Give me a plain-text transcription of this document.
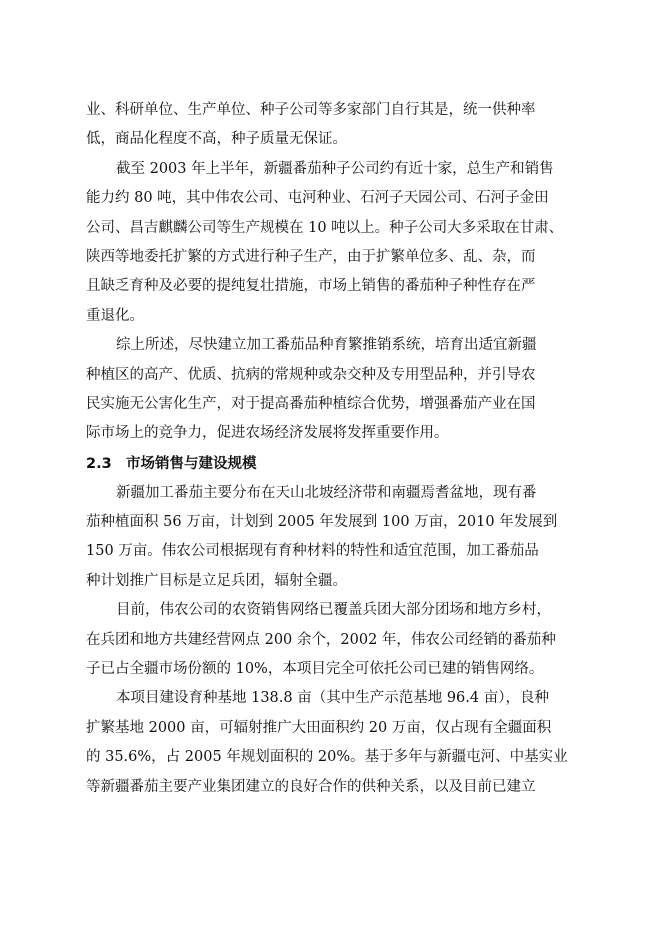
业、科研单位、生产单位、种子公司等多家部门自行其是，统一供种率
低，商品化程度不高，种子质量无保证。
截至 2003 年上半年，新疆番茄种子公司约有近十家，总生产和销售
能力约 80 吨，其中伟农公司、屯河种业、石河子天园公司、石河子金田
公司、昌吉麒麟公司等生产规模在 10 吨以上。种子公司大多采取在甘肃、
陕西等地委托扩繁的方式进行种子生产，由于扩繁单位多、乱、杂，而
且缺乏育种及必要的提纯复壮措施，市场上销售的番茄种子种性存在严
重退化。
综上所述，尽快建立加工番茄品种育繁推销系统，培育出适宜新疆
种植区的高产、优质、抗病的常规种或杂交种及专用型品种，并引导农
民实施无公害化生产，对于提高番茄种植综合优势，增强番茄产业在国
际市场上的竞争力，促进农场经济发展将发挥重要作用。
2.3 市场销售与建设规模
新疆加工番茄主要分布在天山北坡经济带和南疆焉耆盆地，现有番
茄种植面积 56 万亩，计划到 2005 年发展到 100 万亩，2010 年发展到
150 万亩。伟农公司根据现有育种材料的特性和适宜范围，加工番茄品
种计划推广目标是立足兵团，辐射全疆。
目前，伟农公司的农资销售网络已覆盖兵团大部分团场和地方乡村，
在兵团和地方共建经营网点 200 余个，2002 年，伟农公司经销的番茄种
子已占全疆市场份额的 10%，本项目完全可依托公司已建的销售网络。
本项目建设育种基地 138.8 亩（其中生产示范基地 96.4 亩），良种
扩繁基地 2000 亩，可辐射推广大田面积约 20 万亩，仅占现有全疆面积
的 35.6%，占 2005 年规划面积的 20%。基于多年与新疆屯河、中基实业
等新疆番茄主要产业集团建立的良好合作的供种关系，以及目前已建立
